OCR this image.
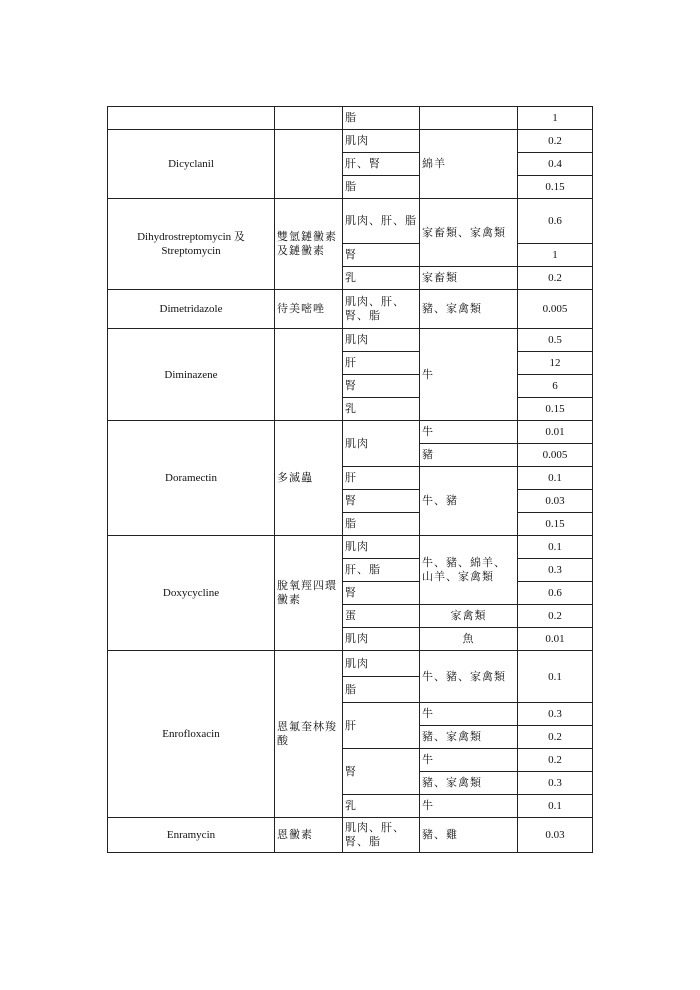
		脂		1
Dicyclanil		肌肉	綿羊	0.2
		肝、腎		0.4
		脂		0.15
Dihydrostreptomycin 及 Streptomycin	雙氫鏈黴素及鏈黴素	肌肉、肝、脂	家畜類、家禽類	0.6
		腎		1
		乳	家畜類	0.2
Dimetridazole	待美嘧唑	肌肉、肝、腎、脂	豬、家禽類	0.005
Diminazene		肌肉	牛	0.5
		肝		12
		腎		6
		乳		0.15
Doramectin	多滅蟲	肌肉	牛	0.01
			豬	0.005
		肝	牛、豬	0.1
		腎		0.03
		脂		0.15
Doxycycline	脫氧羥四環黴素	肌肉	牛、豬、綿羊、山羊、家禽類	0.1
		肝、脂		0.3
		腎		0.6
		蛋	家禽類	0.2
		肌肉	魚	0.01
Enrofloxacin	恩氟奎林羧酸	肌肉	牛、豬、家禽類	0.1
		脂		
		肝	牛	0.3
			豬、家禽類	0.2
		腎	牛	0.2
			豬、家禽類	0.3
		乳	牛	0.1
Enramycin	恩黴素	肌肉、肝、腎、脂	豬、雞	0.03
